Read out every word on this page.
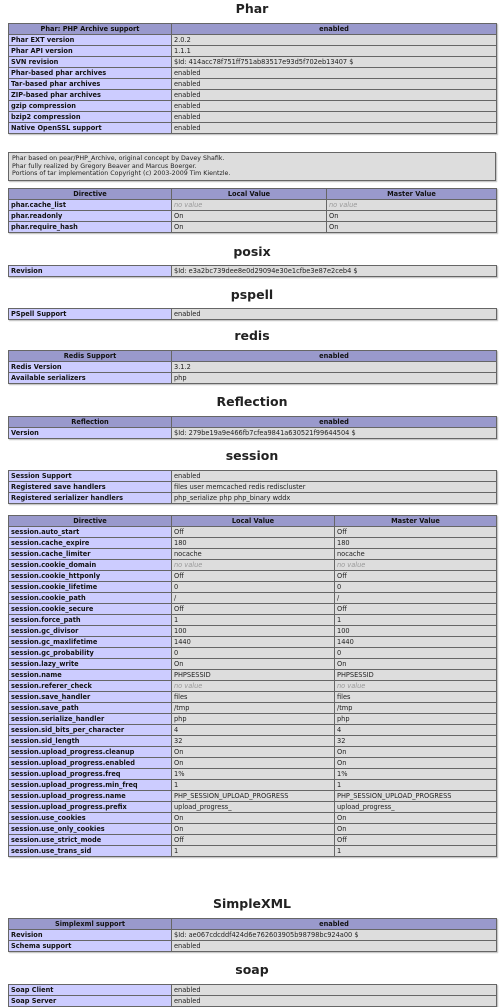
Phar
Phar: PHP Archive support	enabled
Phar EXT version	2.0.2
Phar API version	1.1.1
SVN revision	$Id: 414acc78f751ff751ab83517e93d5f702eb13407 $
Phar-based phar archives	enabled
Tar-based phar archives	enabled
ZIP-based phar archives	enabled
gzip compression	enabled
bzip2 compression	enabled
Native OpenSSL support	enabled
Phar based on pear/PHP_Archive, original concept by Davey Shafik.
Phar fully realized by Gregory Beaver and Marcus Boerger.
Portions of tar implementation Copyright (c) 2003-2009 Tim Kientzle.
Directive	Local Value	Master Value
phar.cache_list	no value	no value
phar.readonly	On	On
phar.require_hash	On	On
posix
Revision	$Id: e3a2bc739dee8e0d29094e30e1cfbe3e87e2ceb4 $
pspell
PSpell Support	enabled
redis
Redis Support	enabled
Redis Version	3.1.2
Available serializers	php
Reflection
Reflection	enabled
Version	$Id: 279be19a9e466fb7cfea9841a630521f99644504 $
session
Session Support	enabled
Registered save handlers	files user memcached redis rediscluster
Registered serializer handlers	php_serialize php php_binary wddx
Directive	Local Value	Master Value
session.auto_start	Off	Off
session.cache_expire	180	180
session.cache_limiter	nocache	nocache
session.cookie_domain	no value	no value
session.cookie_httponly	Off	Off
session.cookie_lifetime	0	0
session.cookie_path	/	/
session.cookie_secure	Off	Off
session.force_path	1	1
session.gc_divisor	100	100
session.gc_maxlifetime	1440	1440
session.gc_probability	0	0
session.lazy_write	On	On
session.name	PHPSESSID	PHPSESSID
session.referer_check	no value	no value
session.save_handler	files	files
session.save_path	/tmp	/tmp
session.serialize_handler	php	php
session.sid_bits_per_character	4	4
session.sid_length	32	32
session.upload_progress.cleanup	On	On
session.upload_progress.enabled	On	On
session.upload_progress.freq	1%	1%
session.upload_progress.min_freq	1	1
session.upload_progress.name	PHP_SESSION_UPLOAD_PROGRESS	PHP_SESSION_UPLOAD_PROGRESS
session.upload_progress.prefix	upload_progress_	upload_progress_
session.use_cookies	On	On
session.use_only_cookies	On	On
session.use_strict_mode	Off	Off
session.use_trans_sid	1	1
SimpleXML
Simplexml support	enabled
Revision	$Id: ae067cdcddf424d6e762603905b98798bc924a00 $
Schema support	enabled
soap
Soap Client	enabled
Soap Server	enabled
